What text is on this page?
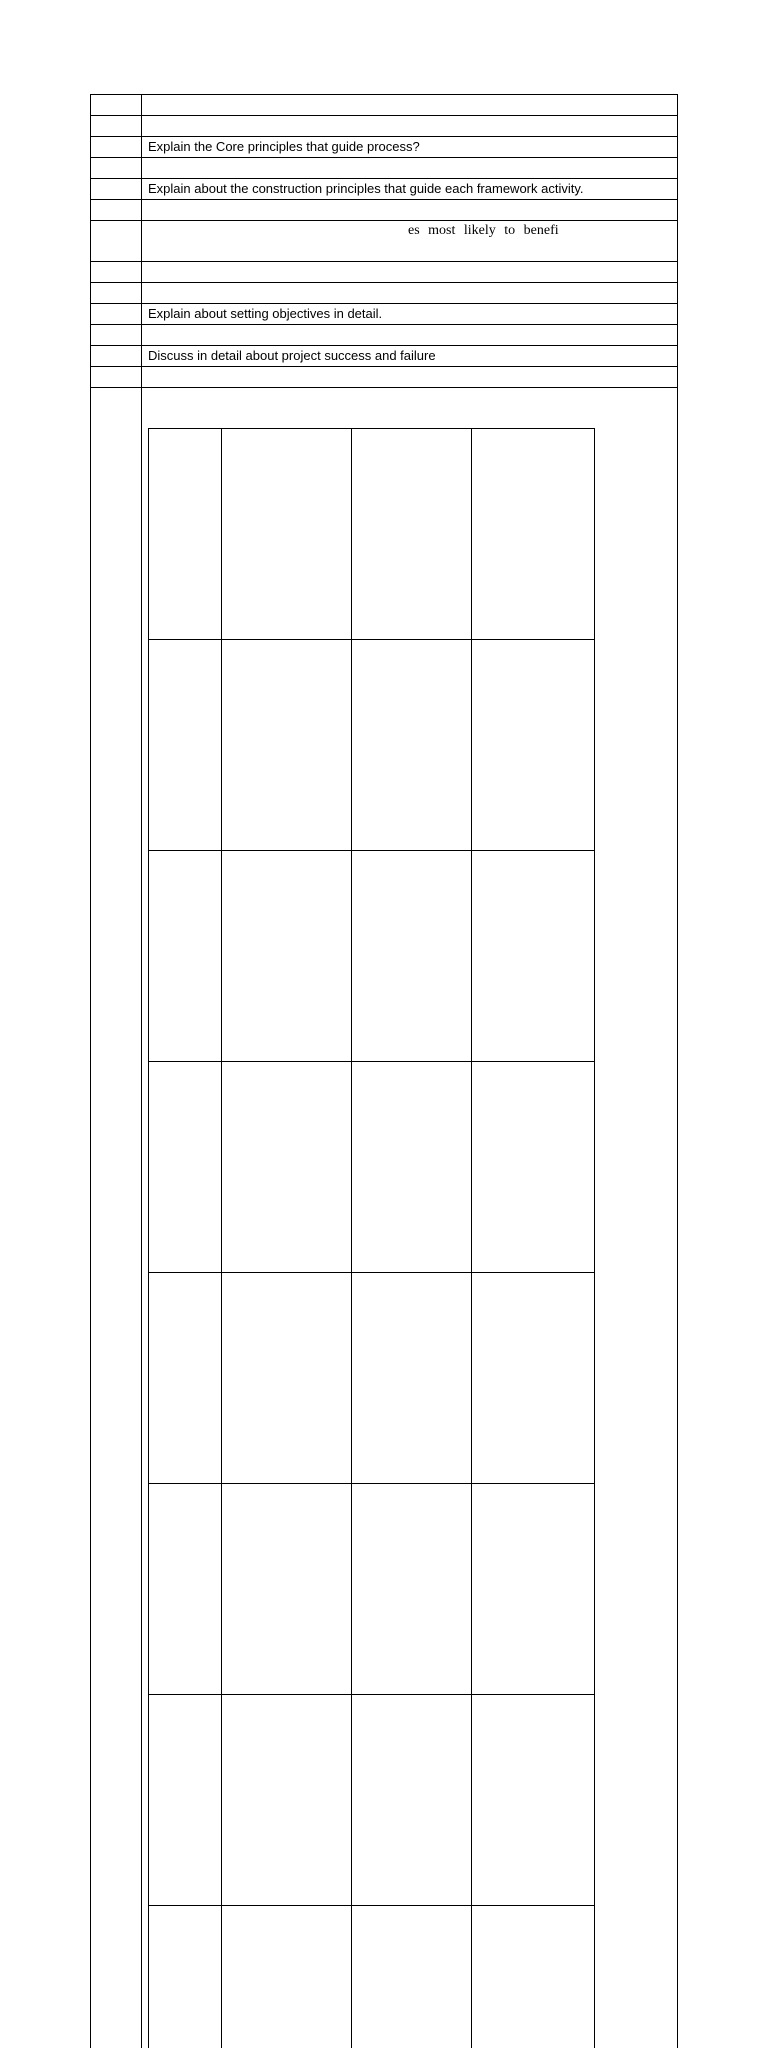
	Explain the Core principles that guide process?

	Explain about the construction principles that guide each framework activity.

es most likely to benefi

	Explain about setting objectives in detail.

	Discuss in detail about project success and failure
